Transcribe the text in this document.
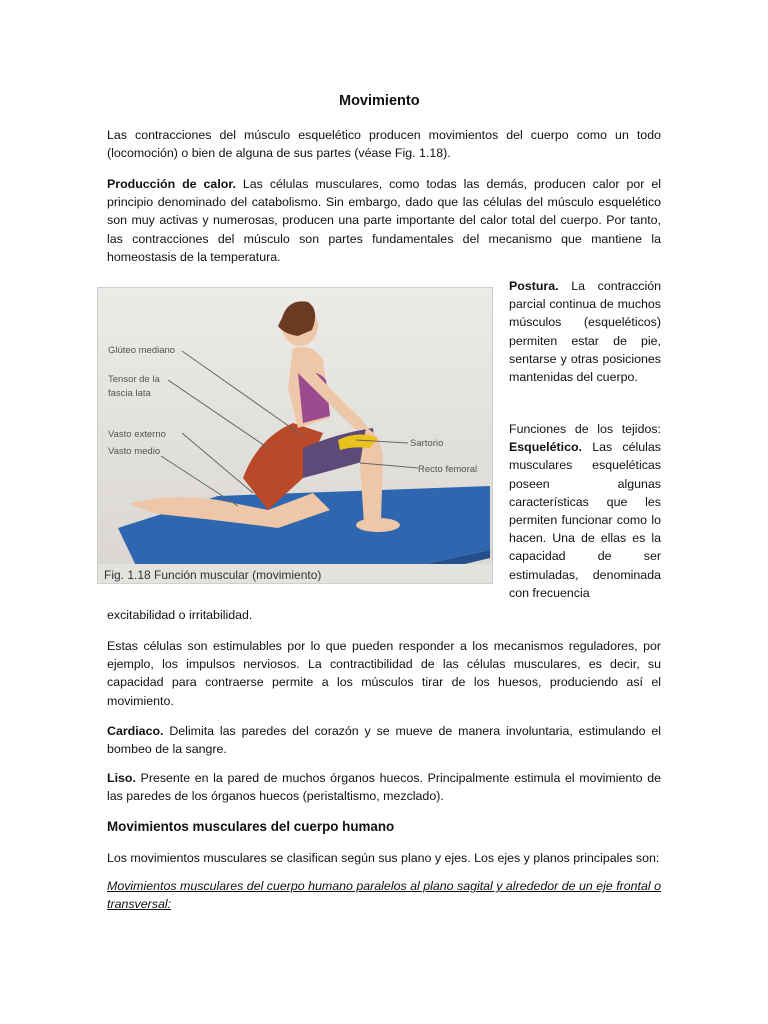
Movimiento
Las contracciones del músculo esquelético producen movimientos del cuerpo como un todo (locomoción) o bien de alguna de sus partes (véase Fig. 1.18).
Producción de calor. Las células musculares, como todas las demás, producen calor por el principio denominado del catabolismo. Sin embargo, dado que las células del músculo esquelético son muy activas y numerosas, producen una parte importante del calor total del cuerpo. Por tanto, las contracciones del músculo son partes fundamentales del mecanismo que mantiene la homeostasis de la temperatura.
Glúteo mediano
Tensor de la
fascia lata
Vasto externo
Vasto medio
Sartorio
Recto femoral
Fig. 1.18 Función muscular (movimiento)
Postura. La contracción parcial continua de muchos músculos (esqueléticos) permiten estar de pie, sentarse y otras posiciones mantenidas del cuerpo.
Funciones de los tejidos: Esquelético. Las células musculares esqueléticas poseen algunas características que les permiten funcionar como lo hacen. Una de ellas es la capacidad de ser estimuladas, denominada con frecuencia
excitabilidad o irritabilidad.
Estas células son estimulables por lo que pueden responder a los mecanismos reguladores, por ejemplo, los impulsos nerviosos. La contractibilidad de las células musculares, es decir, su capacidad para contraerse permite a los músculos tirar de los huesos, produciendo así el movimiento.
Cardiaco. Delimita las paredes del corazón y se mueve de manera involuntaria, estimulando el bombeo de la sangre.
Liso. Presente en la pared de muchos órganos huecos. Principalmente estimula el movimiento de las paredes de los órganos huecos (peristaltismo, mezclado).
Movimientos musculares del cuerpo humano
Los movimientos musculares se clasifican según sus plano y ejes. Los ejes y planos principales son:
Movimientos musculares del cuerpo humano paralelos al plano sagital y alrededor de un eje frontal o transversal:
